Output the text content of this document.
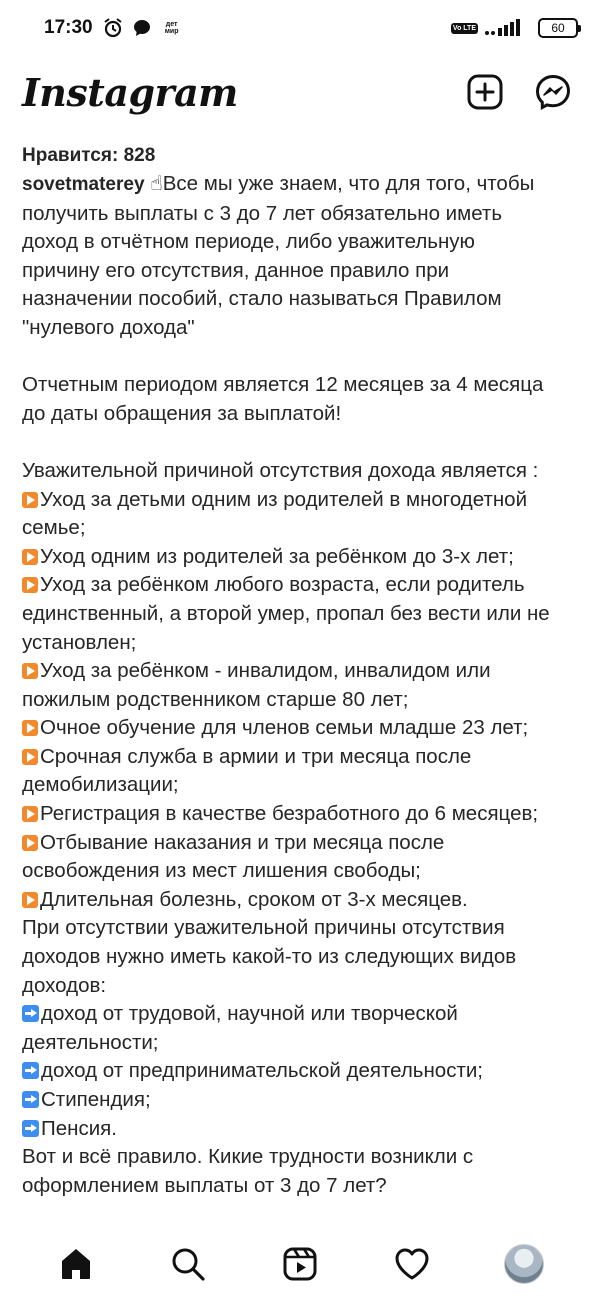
17:30	дет мир	Vo LTE	60
Instagram
Нравится: 828
sovetmaterey ☝Все мы уже знаем, что для того, чтобы
получить выплаты с 3 до 7 лет обязательно иметь
доход в отчётном периоде, либо уважительную
причину его отсутствия, данное правило при
назначении пособий, стало называться Правилом
"нулевого дохода"
Отчетным периодом является 12 месяцев за 4 месяца
до даты обращения за выплатой!
Уважительной причиной отсутствия дохода является :
Уход за детьми одним из родителей в многодетной
семье;
Уход одним из родителей за ребёнком до 3-х лет;
Уход за ребёнком любого возраста, если родитель
единственный, а второй умер, пропал без вести или не
установлен;
Уход за ребёнком - инвалидом, инвалидом или
пожилым родственником старше 80 лет;
Очное обучение для членов семьи младше 23 лет;
Срочная служба в армии и три месяца после
демобилизации;
Регистрация в качестве безработного до 6 месяцев;
Отбывание наказания и три месяца после
освобождения из мест лишения свободы;
Длительная болезнь, сроком от 3-х месяцев.
При отсутствии уважительной причины отсутствия
доходов нужно иметь какой-то из следующих видов
доходов:
доход от трудовой, научной или творческой
деятельности;
доход от предпринимательской деятельности;
Стипендия;
Пенсия.
Вот и всё правило. Кикие трудности возникли с
оформлением выплаты от 3 до 7 лет?
